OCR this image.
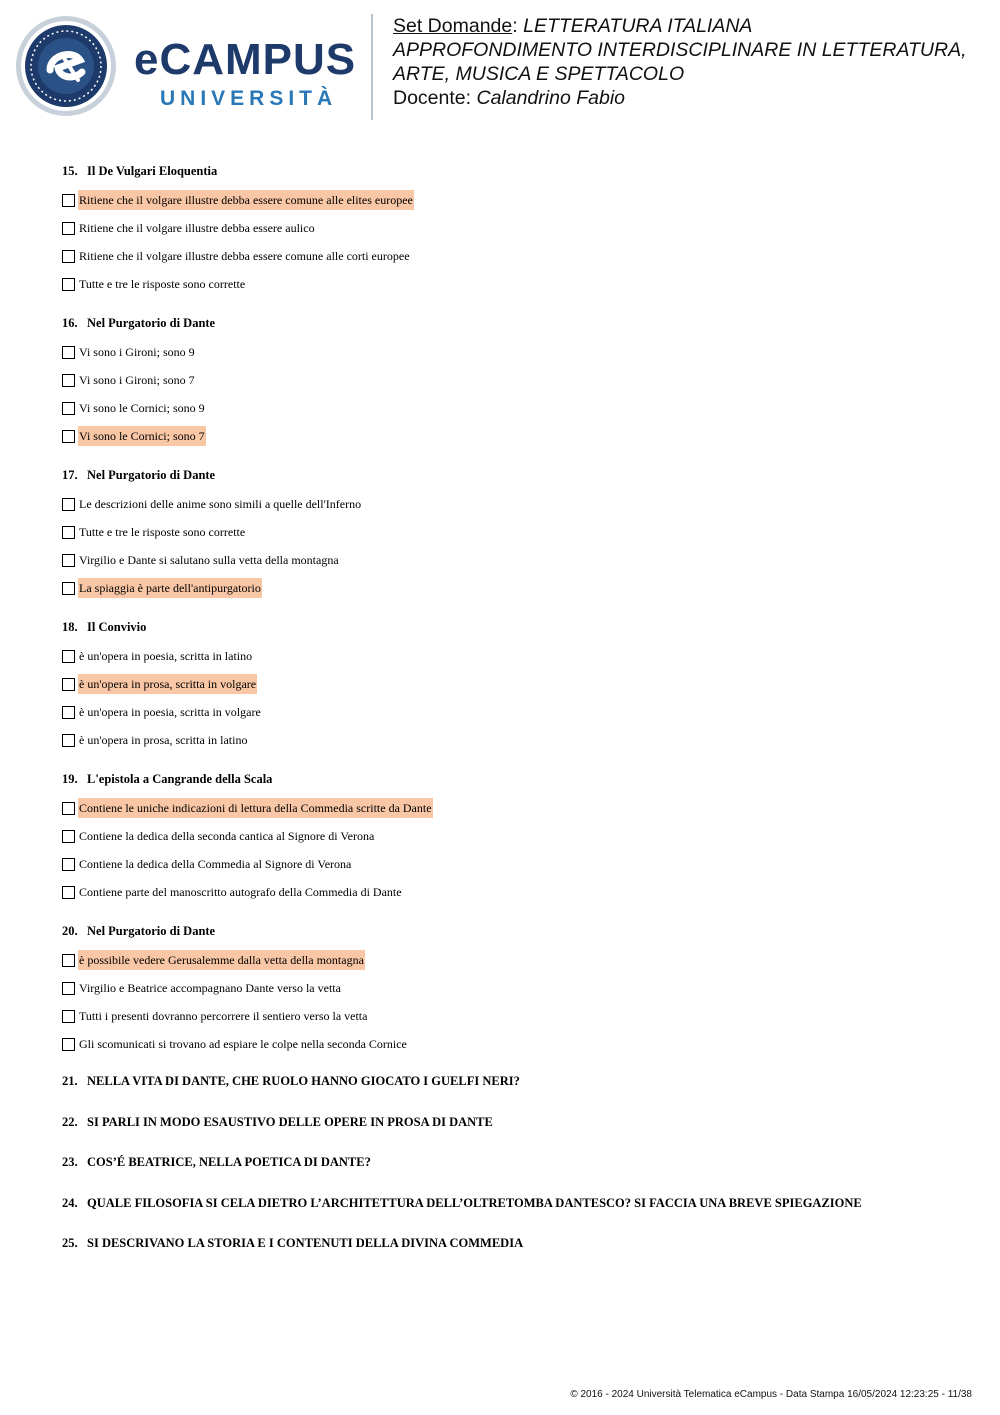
eCAMPUS
UNIVERSITÀ
Set Domande: LETTERATURA ITALIANA
APPROFONDIMENTO INTERDISCIPLINARE IN LETTERATURA,
ARTE, MUSICA E SPETTACOLO
Docente: Calandrino Fabio
15. Il De Vulgari Eloquentia
Ritiene che il volgare illustre debba essere comune alle elites europee
Ritiene che il volgare illustre debba essere aulico
Ritiene che il volgare illustre debba essere comune alle corti europee
Tutte e tre le risposte sono corrette
16. Nel Purgatorio di Dante
Vi sono i Gironi; sono 9
Vi sono i Gironi; sono 7
Vi sono le Cornici; sono 9
Vi sono le Cornici; sono 7
17. Nel Purgatorio di Dante
Le descrizioni delle anime sono simili a quelle dell'Inferno
Tutte e tre le risposte sono corrette
Virgilio e Dante si salutano sulla vetta della montagna
La spiaggia è parte dell'antipurgatorio
18. Il Convivio
è un'opera in poesia, scritta in latino
è un'opera in prosa, scritta in volgare
è un'opera in poesia, scritta in volgare
è un'opera in prosa, scritta in latino
19. L'epistola a Cangrande della Scala
Contiene le uniche indicazioni di lettura della Commedia scritte da Dante
Contiene la dedica della seconda cantica al Signore di Verona
Contiene la dedica della Commedia al Signore di Verona
Contiene parte del manoscritto autografo della Commedia di Dante
20. Nel Purgatorio di Dante
è possibile vedere Gerusalemme dalla vetta della montagna
Virgilio e Beatrice accompagnano Dante verso la vetta
Tutti i presenti dovranno percorrere il sentiero verso la vetta
Gli scomunicati si trovano ad espiare le colpe nella seconda Cornice
21. NELLA VITA DI DANTE, CHE RUOLO HANNO GIOCATO I GUELFI NERI?
22. SI PARLI IN MODO ESAUSTIVO DELLE OPERE IN PROSA DI DANTE
23. COS’É BEATRICE, NELLA POETICA DI DANTE?
24. QUALE FILOSOFIA SI CELA DIETRO L’ARCHITETTURA DELL’OLTRETOMBA DANTESCO? SI FACCIA UNA BREVE SPIEGAZIONE
25. SI DESCRIVANO LA STORIA E I CONTENUTI DELLA DIVINA COMMEDIA
© 2016 - 2024 Università Telematica eCampus - Data Stampa 16/05/2024 12:23:25 - 11/38
